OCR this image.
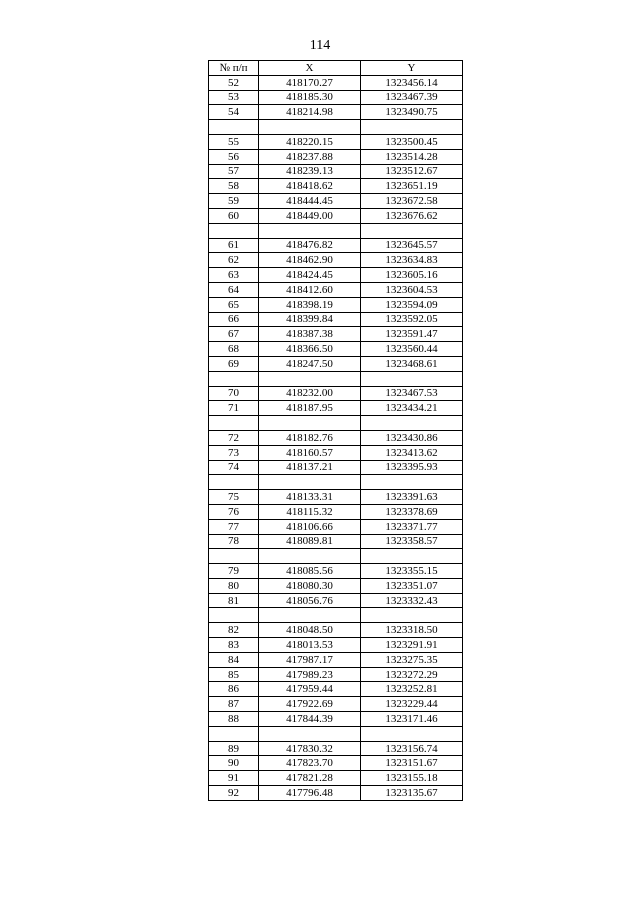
114
№ п/п	X	Y
52	418170.27	1323456.14
53	418185.30	1323467.39
54	418214.98	1323490.75

55	418220.15	1323500.45
56	418237.88	1323514.28
57	418239.13	1323512.67
58	418418.62	1323651.19
59	418444.45	1323672.58
60	418449.00	1323676.62

61	418476.82	1323645.57
62	418462.90	1323634.83
63	418424.45	1323605.16
64	418412.60	1323604.53
65	418398.19	1323594.09
66	418399.84	1323592.05
67	418387.38	1323591.47
68	418366.50	1323560.44
69	418247.50	1323468.61

70	418232.00	1323467.53
71	418187.95	1323434.21

72	418182.76	1323430.86
73	418160.57	1323413.62
74	418137.21	1323395.93

75	418133.31	1323391.63
76	418115.32	1323378.69
77	418106.66	1323371.77
78	418089.81	1323358.57

79	418085.56	1323355.15
80	418080.30	1323351.07
81	418056.76	1323332.43

82	418048.50	1323318.50
83	418013.53	1323291.91
84	417987.17	1323275.35
85	417989.23	1323272.29
86	417959.44	1323252.81
87	417922.69	1323229.44
88	417844.39	1323171.46

89	417830.32	1323156.74
90	417823.70	1323151.67
91	417821.28	1323155.18
92	417796.48	1323135.67
